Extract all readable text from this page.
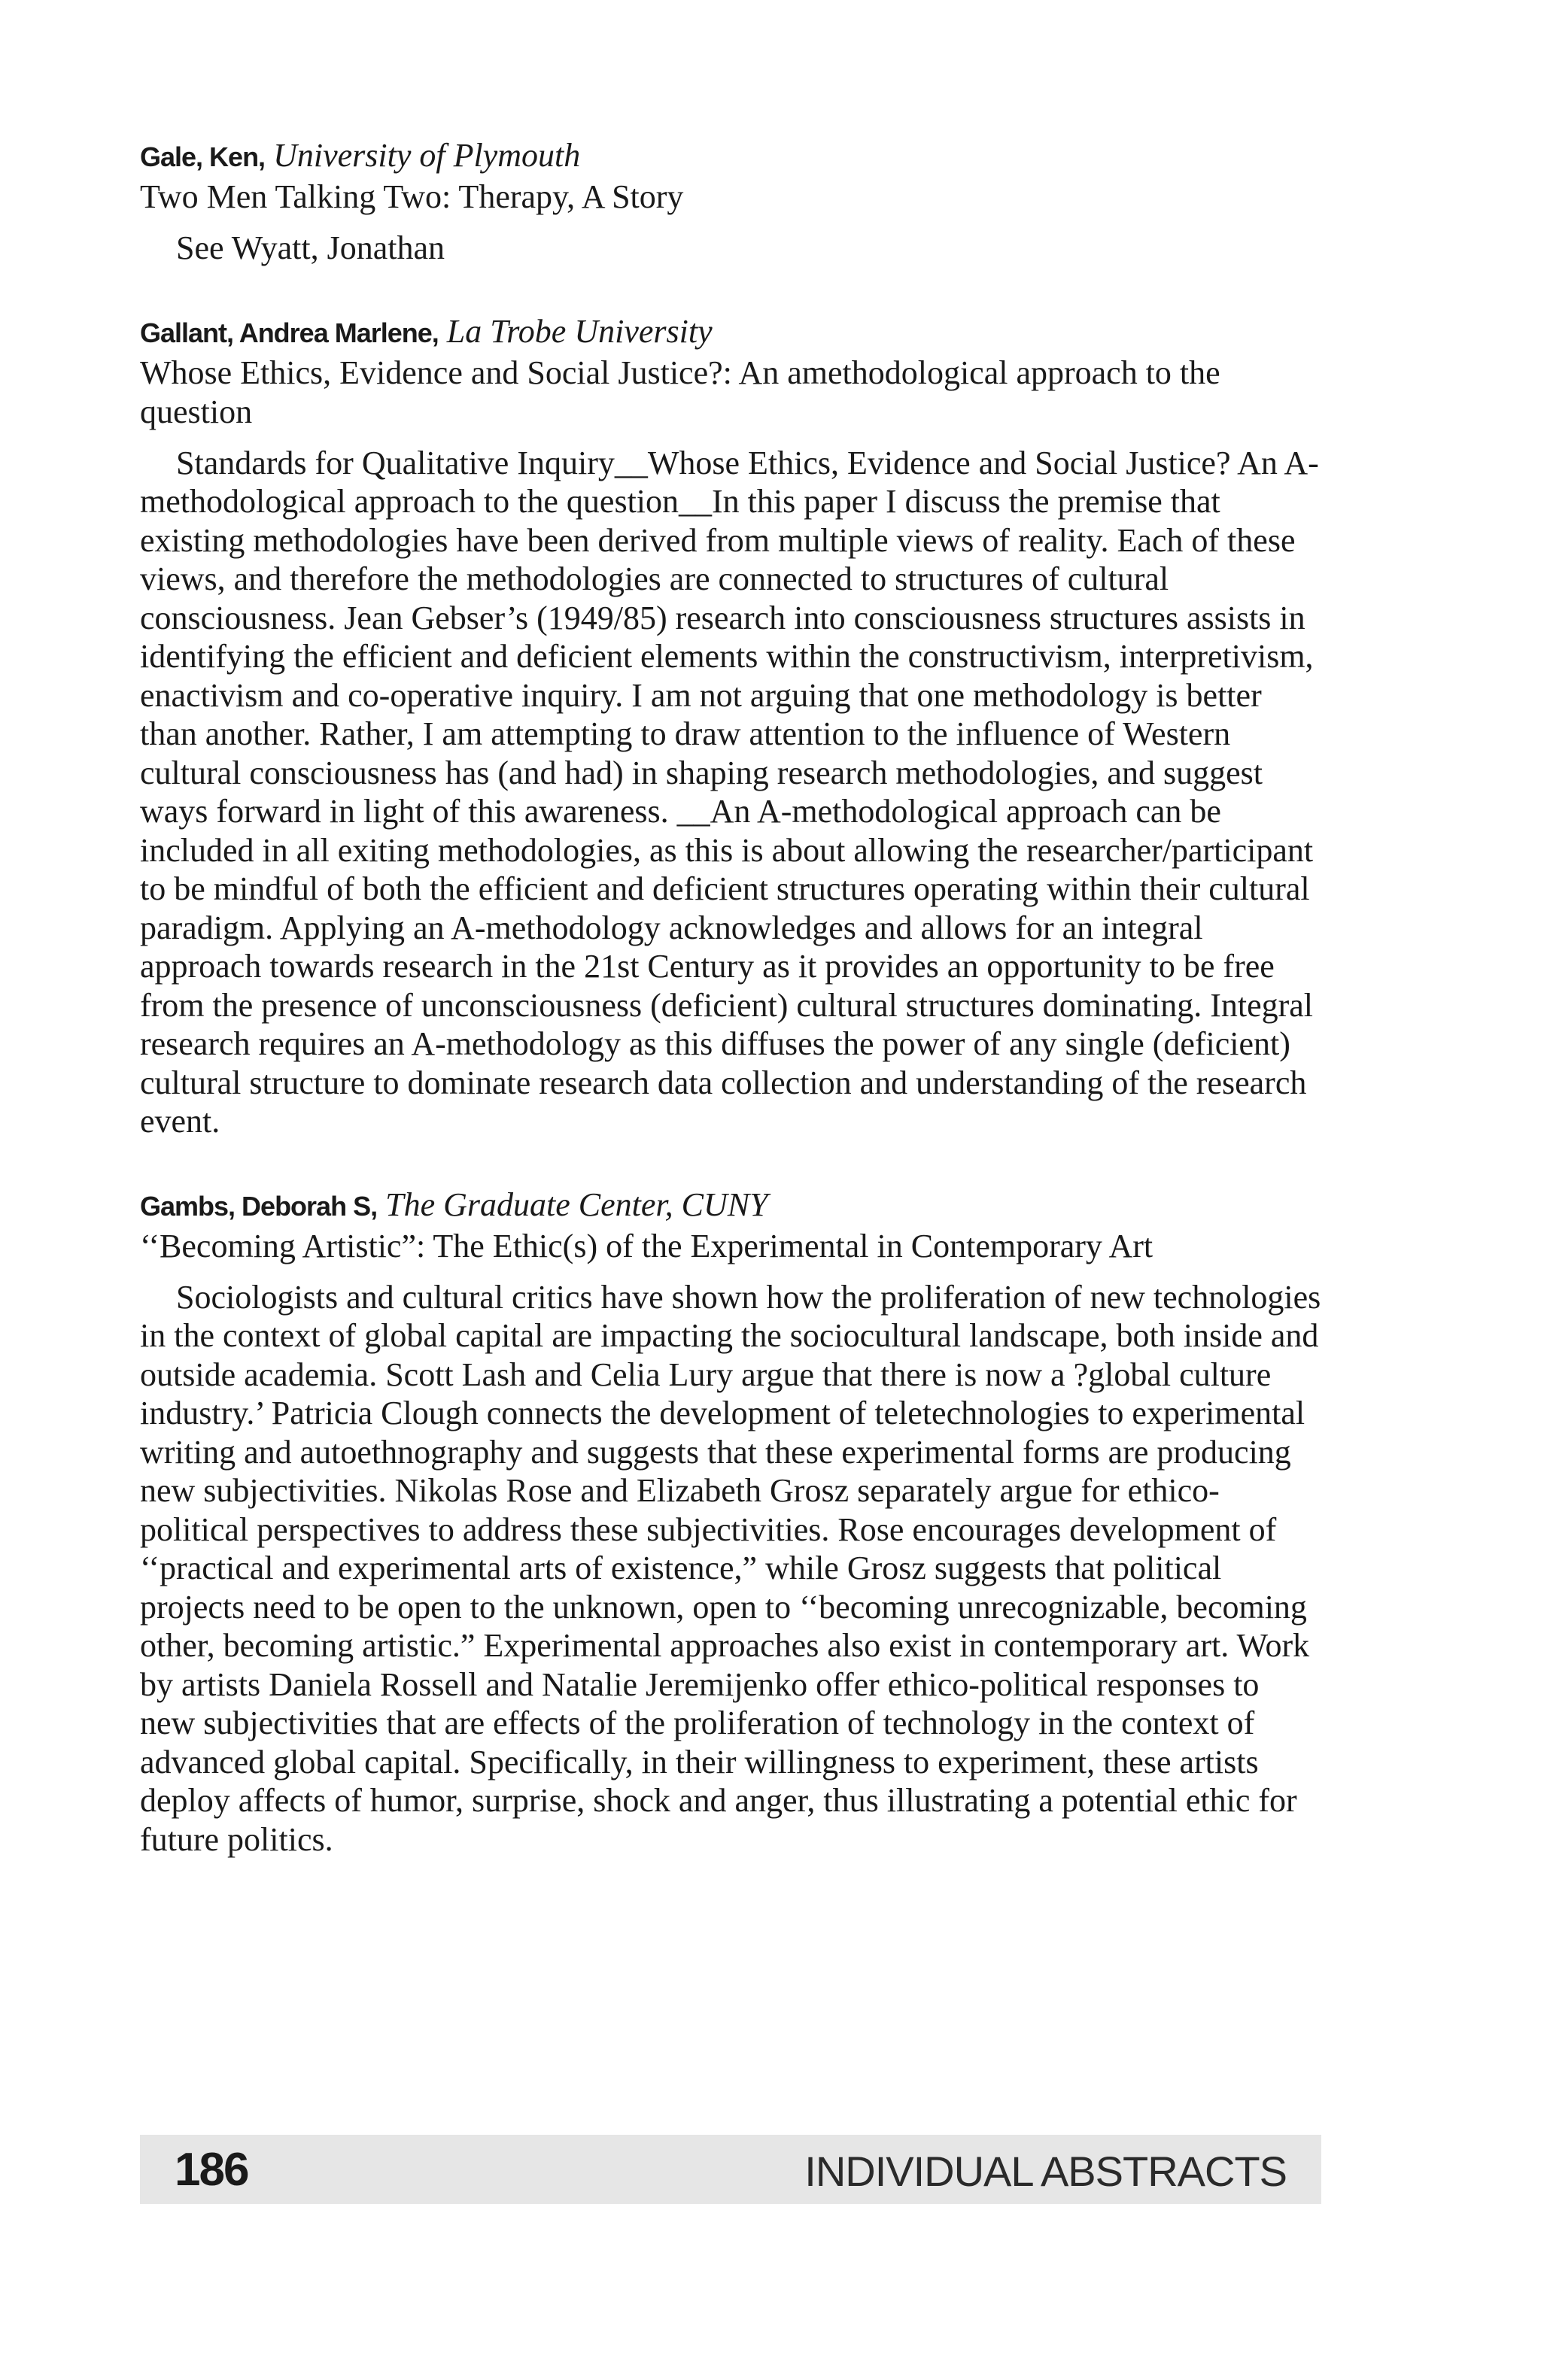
Gale, Ken, University of Plymouth

Two Men Talking Two: Therapy, A Story

See Wyatt, Jonathan

Gallant, Andrea Marlene, La Trobe University

Whose Ethics, Evidence and Social Justice?: An amethodological approach to the question

Standards for Qualitative Inquiry__Whose Ethics, Evidence and Social Justice? An A-methodological approach to the question__In this paper I discuss the premise that existing methodologies have been derived from multiple views of reality. Each of these views, and therefore the methodologies are connected to structures of cultural consciousness. Jean Gebser’s (1949/85) research into consciousness structures assists in identifying the efficient and deficient elements within the constructivism, interpretivism, enactivism and co-operative inquiry. I am not arguing that one methodology is better than another. Rather, I am attempting to draw attention to the influence of Western cultural consciousness has (and had) in shaping research methodologies, and suggest ways forward in light of this awareness. __An A-methodological approach can be included in all exiting methodologies, as this is about allowing the researcher/participant to be mindful of both the efficient and deficient structures operating within their cultural paradigm. Applying an A-methodology acknowledges and allows for an integral approach towards research in the 21st Century as it provides an opportunity to be free from the presence of unconsciousness (deficient) cultural structures dominating. Integral research requires an A-methodology as this diffuses the power of any single (deficient) cultural structure to dominate research data collection and understanding of the research event.

Gambs, Deborah S, The Graduate Center, CUNY

‘‘Becoming Artistic”: The Ethic(s) of the Experimental in Contemporary Art

Sociologists and cultural critics have shown how the proliferation of new technologies in the context of global capital are impacting the sociocultural landscape, both inside and outside academia. Scott Lash and Celia Lury argue that there is now a ?global culture industry.’ Patricia Clough connects the development of teletechnologies to experimental writing and autoethnography and suggests that these experimental forms are producing new subjectivities. Nikolas Rose and Elizabeth Grosz separately argue for ethico-political perspectives to address these subjectivities. Rose encourages development of ‘‘practical and experimental arts of existence,” while Grosz suggests that political projects need to be open to the unknown, open to ‘‘becoming unrecognizable, becoming other, becoming artistic.” Experimental approaches also exist in contemporary art. Work by artists Daniela Rossell and Natalie Jeremijenko offer ethico-political responses to new subjectivities that are effects of the proliferation of technology in the context of advanced global capital. Specifically, in their willingness to experiment, these artists deploy affects of humor, surprise, shock and anger, thus illustrating a potential ethic for future politics.

186	INDIVIDUAL ABSTRACTS
